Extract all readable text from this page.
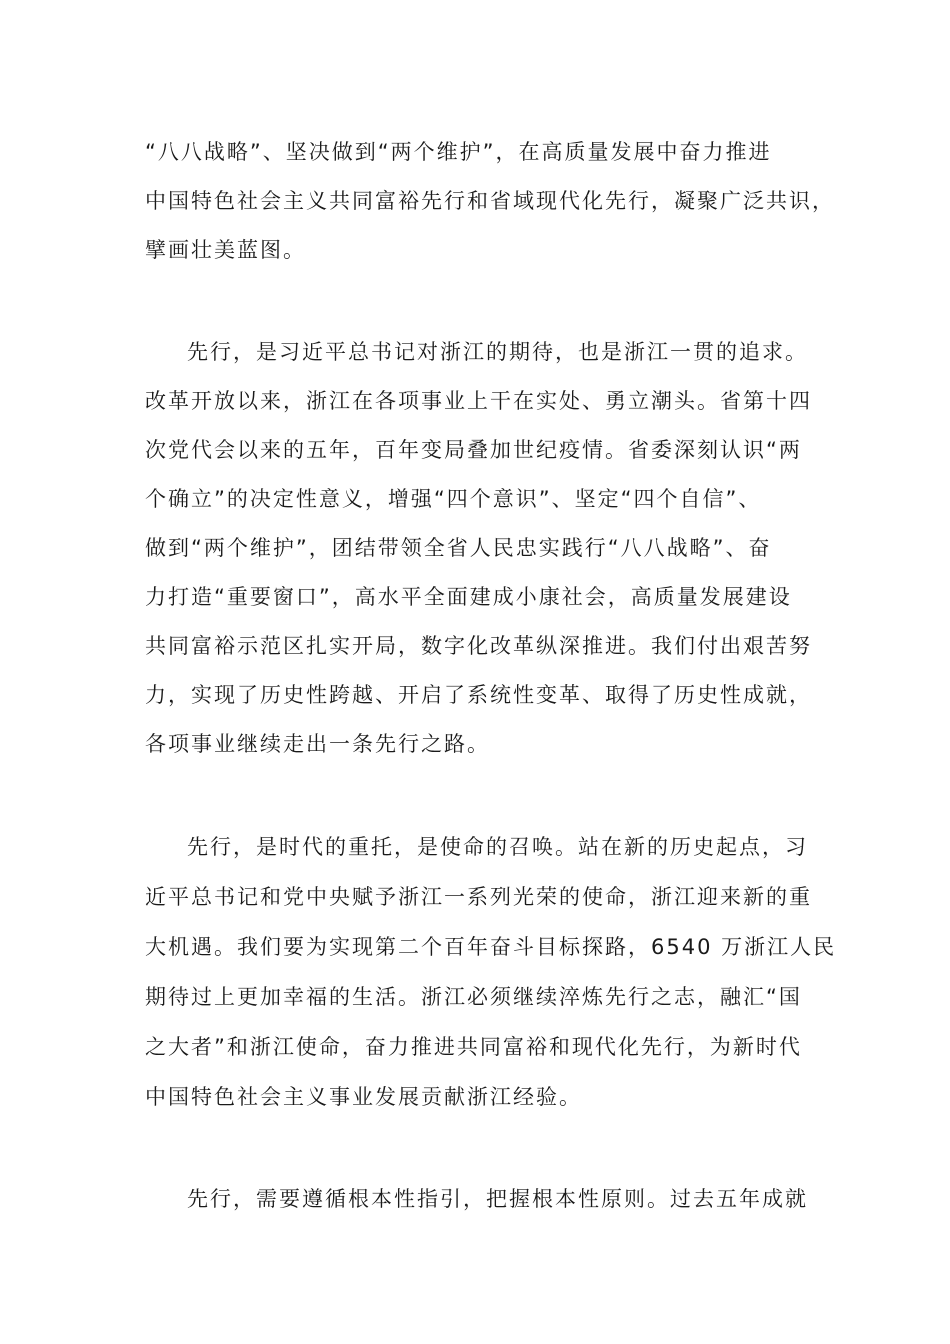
“八八战略”、坚决做到“两个维护”，在高质量发展中奋力推进
中国特色社会主义共同富裕先行和省域现代化先行，凝聚广泛共识，
擘画壮美蓝图。
先行，是习近平总书记对浙江的期待，也是浙江一贯的追求。
改革开放以来，浙江在各项事业上干在实处、勇立潮头。省第十四
次党代会以来的五年，百年变局叠加世纪疫情。省委深刻认识“两
个确立”的决定性意义，增强“四个意识”、坚定“四个自信”、
做到“两个维护”，团结带领全省人民忠实践行“八八战略”、奋
力打造“重要窗口”，高水平全面建成小康社会，高质量发展建设
共同富裕示范区扎实开局，数字化改革纵深推进。我们付出艰苦努
力，实现了历史性跨越、开启了系统性变革、取得了历史性成就，
各项事业继续走出一条先行之路。
先行，是时代的重托，是使命的召唤。站在新的历史起点，习
近平总书记和党中央赋予浙江一系列光荣的使命，浙江迎来新的重
大机遇。我们要为实现第二个百年奋斗目标探路，6540 万浙江人民
期待过上更加幸福的生活。浙江必须继续淬炼先行之志，融汇“国
之大者”和浙江使命，奋力推进共同富裕和现代化先行，为新时代
中国特色社会主义事业发展贡献浙江经验。
先行，需要遵循根本性指引，把握根本性原则。过去五年成就
